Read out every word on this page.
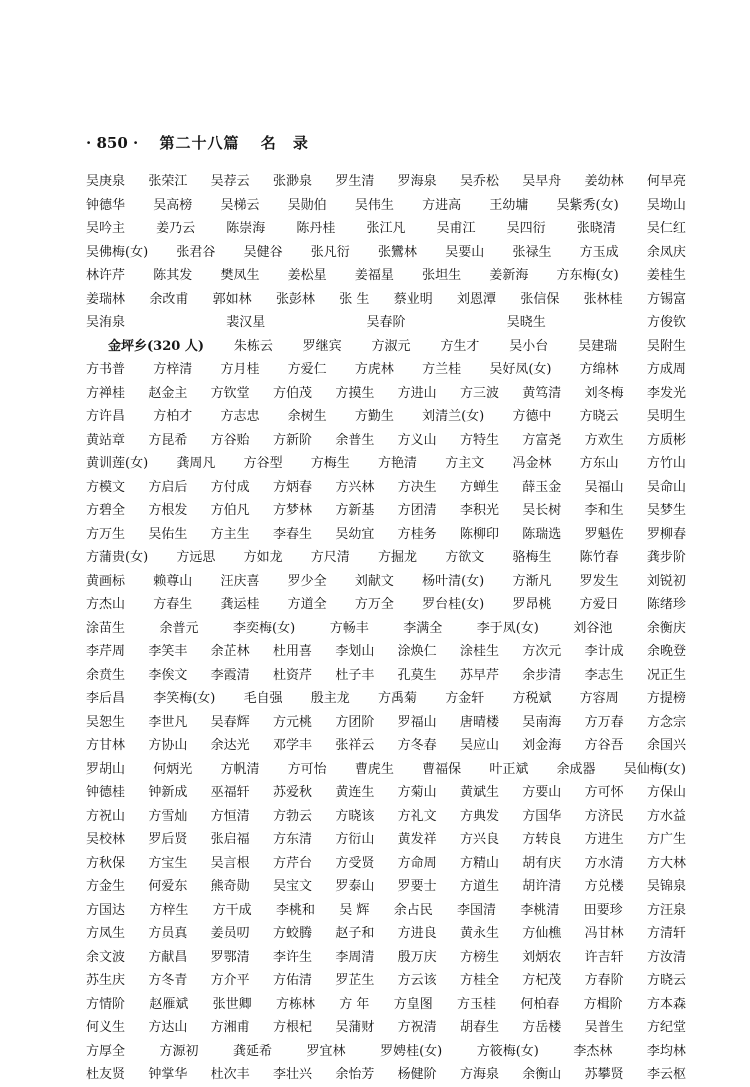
· 850 · 第二十八篇 名 录
吴庚泉 张荣江 吴荐云 张渺泉 罗生清 罗海泉 吴乔松 吴早舟 姜幼林 何早亮
钟德华 吴高榜 吴梯云 吴勋伯 吴伟生 方进高 王幼墉 吴紫秀(女) 吴坳山
吴吟主 姜乃云 陈崇海 陈丹桂 张江凡 吴甫江 吴四衍 张晓清 吴仁红
吴佛梅(女) 张君谷 吴健谷 张凡衍 张鸞林 吴要山 张禄生 方玉成 余凤庆
林许芹 陈其发 樊凤生 姜松星 姜福星 张坦生 姜新海 方东梅(女) 姜桂生
姜瑞林 余改甫 郭如林 张彭林 张 生 蔡业明 刘恩潭 张信保 张林桂 方锡富
吴洧泉	裴汉星	吴春阶	吴晓生	方俊钦
金坪乡(320 人) 朱栋云 罗继宾 方淑元 方生才 吴小台 吴建瑞 吴附生
方书普 方梓清 方月桂 方爱仁 方虎林 方兰桂 吴好凤(女) 方绵林 方成周
方禅桂 赵金主 方钦堂 方伯茂 方摸生 方进山 方三波 黄笃清 刘冬梅 李发光
方许昌 方柏才 方志忠 余树生 方勤生 刘清兰(女) 方德中 方晓云 吴明生
黄站章 方昆希 方谷贻 方新阶 余普生 方义山 方特生 方富尧 方欢生 方质彬
黄训莲(女) 龚周凡 方谷型 方梅生 方艳清 方主文 冯金林 方东山 方竹山
方模文 方启后 方付成 方炳春 方兴林 方决生 方蝉生 薛玉金 吴福山 吴命山
方碧全 方根发 方伯凡 方梦林 方新基 方团清 李积光 吴长树 李和生 吴梦生
方万生 吴佑生 方主生 李春生 吴幼宜 方桂务 陈柳印 陈瑞选 罗魁佐 罗柳春
方蒲贵(女) 方远思 方如龙 方尺清 方掘龙 方欲文 骆梅生 陈竹春 龚步阶
黄画标 赖尊山 汪庆喜 罗少全 刘献文 杨叶清(女) 方渐凡 罗发生 刘锐初
方杰山 方春生 龚运桂 方道全 方万全 罗台桂(女) 罗昂桃 方爱日 陈绪珍
涂苗生	余普元	李奕梅(女)	方畅丰	李满全	李于凤(女)	刘谷池	余衡庆
李芹周 李笑丰 余芷林 杜用喜 李划山 涂焕仁 涂桂生 方次元 李计成 余晚登
余贲生 李俟文 李霞清 杜资芹 杜子丰 孔莫生 苏早芹 余步清 李志生 况正生
李后昌 李笑梅(女) 毛自强 殷主龙 方禹菊 方金轩 方税斌 方容周 方提榜
吴恕生 李世凡 吴春辉 方元桃 方团阶 罗福山 唐晴楼 吴南海 方万春 方念宗
方甘林 方协山 余达光 邓学丰 张祥云 方冬春 吴应山 刘金海 方谷吾 余国兴
罗胡山 何炳光 方帆清 方可怡 曹虎生 曹福保 叶正斌 余成器 吴仙梅(女)
钟德桂 钟新成 巫福轩 苏爱秋 黄连生 方菊山 黄斌生 方要山 方可怀 方保山
方祝山 方雪灿 方恒清 方勃云 方晓该 方礼文 方典发 方国华 方济民 方水益
吴校林 罗后贤 张启福 方东清 方衍山 黄发祥 方兴良 方转良 方进生 方广生
方秋保 方宝生 吴言根 方芹台 方受贤 方命周 方精山 胡有庆 方水清 方大林
方金生 何爱东 熊奇勋 吴宝文 罗泰山 罗要士 方道生 胡许清 方兑楼 吴锦泉
方国达 方梓生 方干成 李桃和 吴 辉 余占民 李国清 李桃清 田要珍 方汪泉
方凤生 方员真 姜员叨 方蛟腾 赵子和 方进良 黄永生 方仙樵 冯甘林 方清轩
余文波 方献昌 罗鄂清 李许生 李周清 殷万庆 方榜生 刘炳农 许吉轩 方汝清
苏生庆 方冬青 方介平 方佑清 罗芷生 方云该 方桂全 方杞茂 方春阶 方晓云
方情阶 赵雁斌 张世卿 方栋林 方 年 方皇图 方玉桂 何柏春 方楫阶 方本森
何义生 方达山 方湘甫 方根杞 吴蒲财 方祝清 胡春生 方岳楼 吴普生 方纪堂
方厚全	方源初	龚延希	罗宜林	罗娉桂(女)	方筱梅(女)	李杰林	李均林
杜友贤 钟掌华 杜次丰 李壮兴 余怡芳 杨健阶 方海泉 余衡山 苏攀贤 李云枢
